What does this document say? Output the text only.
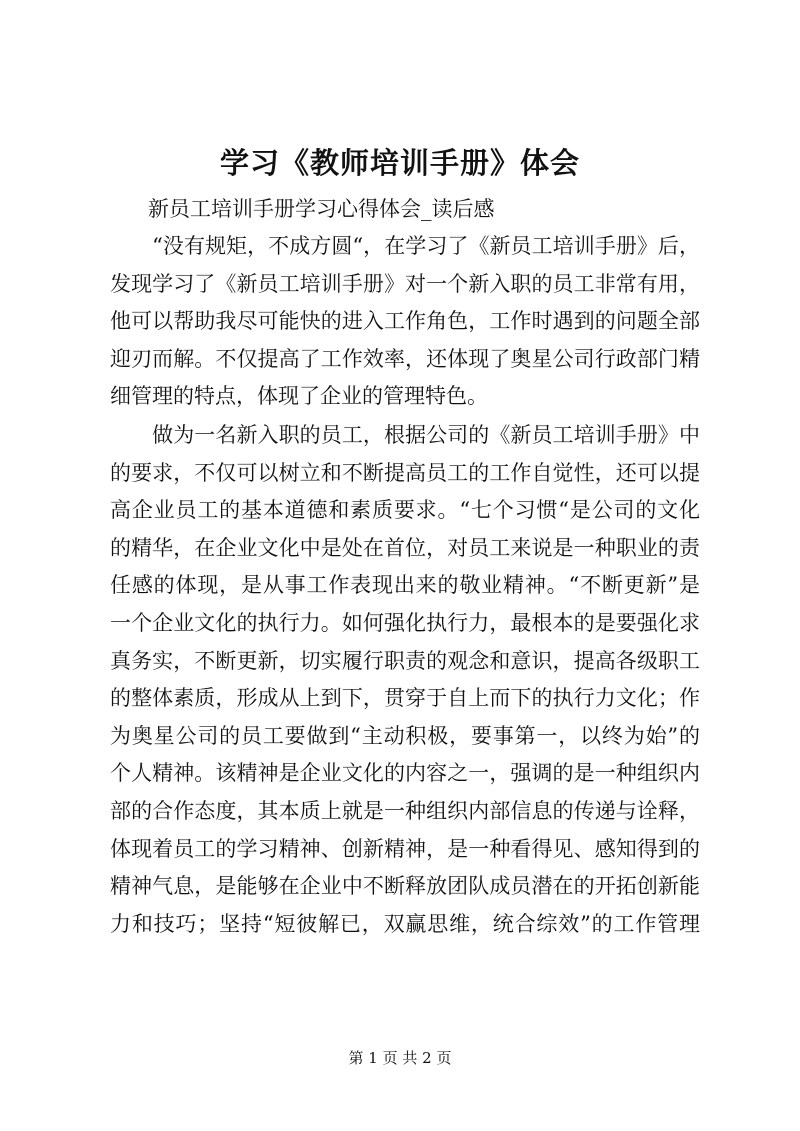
学习《教师培训手册》体会

新员工培训手册学习心得体会_读后感

　　“没有规矩，不成方圆“，在学习了《新员工培训手册》后，
发现学习了《新员工培训手册》对一个新入职的员工非常有用，
他可以帮助我尽可能快的进入工作角色，工作时遇到的问题全部
迎刃而解。不仅提高了工作效率，还体现了奥星公司行政部门精
细管理的特点，体现了企业的管理特色。
　　做为一名新入职的员工，根据公司的《新员工培训手册》中
的要求，不仅可以树立和不断提高员工的工作自觉性，还可以提
高企业员工的基本道德和素质要求。“七个习惯“是公司的文化
的精华，在企业文化中是处在首位，对员工来说是一种职业的责
任感的体现，是从事工作表现出来的敬业精神。“不断更新”是
一个企业文化的执行力。如何强化执行力，最根本的是要强化求
真务实，不断更新，切实履行职责的观念和意识，提高各级职工
的整体素质，形成从上到下，贯穿于自上而下的执行力文化；作
为奥星公司的员工要做到“主动积极，要事第一，以终为始”的
个人精神。该精神是企业文化的内容之一，强调的是一种组织内
部的合作态度，其本质上就是一种组织内部信息的传递与诠释，
体现着员工的学习精神、创新精神，是一种看得见、感知得到的
精神气息，是能够在企业中不断释放团队成员潜在的开拓创新能
力和技巧；坚持“短彼解已，双赢思维，统合综效”的工作管理

第 1 页 共 2 页
